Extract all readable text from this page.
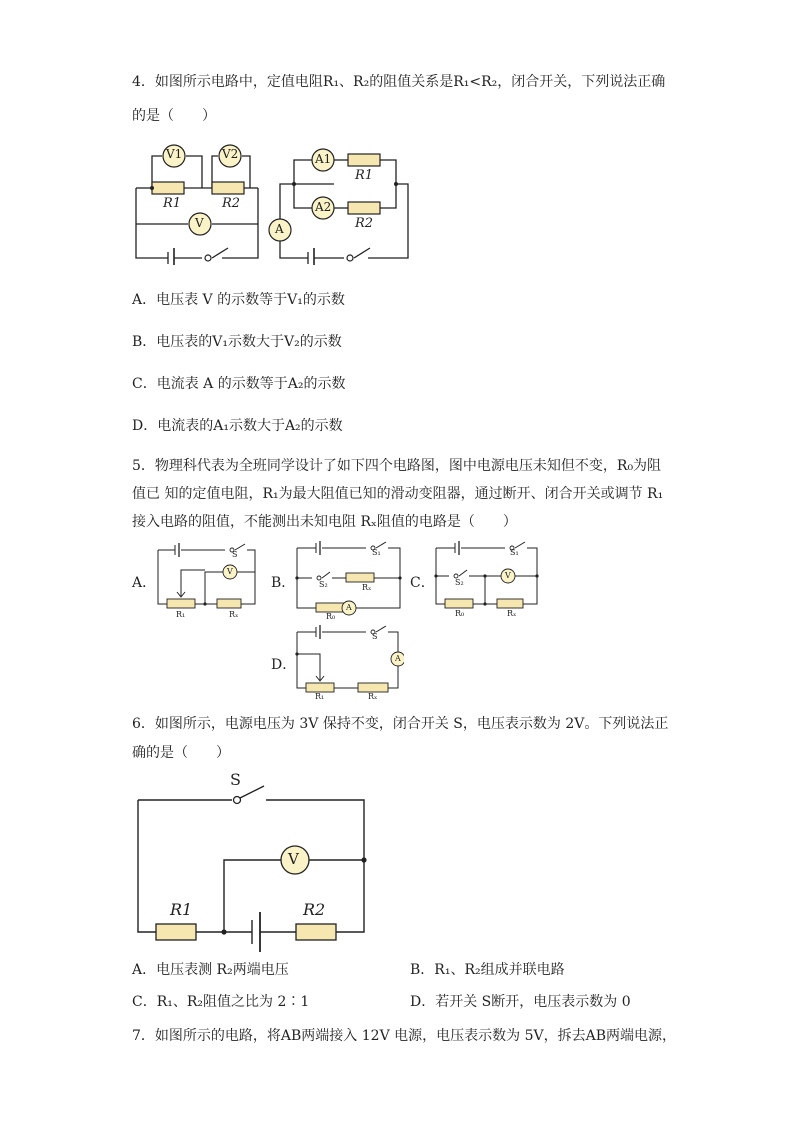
4．如图所示电路中，定值电阻R₁、R₂的阻值关系是R₁<R₂，闭合开关，下列说法正确
的是（　　）
V1	V2
V
R1	R2
A1
A2
A
R1
R2
A．电压表 V 的示数等于V₁的示数
B．电压表的V₁示数大于V₂的示数
C．电流表 A 的示数等于A₂的示数
D．电流表的A₁示数大于A₂的示数
5．物理科代表为全班同学设计了如下四个电路图，图中电源电压未知但不变，R₀为阻
值已 知的定值电阻，R₁为最大阻值已知的滑动变阻器，通过断开、闭合开关或调节 R₁
接入电路的阻值，不能测出未知电阻 Rₓ阻值的电路是（　　）
A．
V
S
R₁	Rₓ
B．
S₁
S₂	Rₓ
R₀
A
C．
S₁
S₂
V
R₀	Rₓ
D．
S
A
R₁	Rₓ
6．如图所示，电源电压为 3V 保持不变，闭合开关 S，电压表示数为 2V。下列说法正
确的是（　　）
S
V
R1	R2
A．电压表测 R₂两端电压	B．R₁、R₂组成并联电路
C．R₁、R₂阻值之比为 2∶1	D．若开关 S断开，电压表示数为 0
7．如图所示的电路，将AB两端接入 12V 电源，电压表示数为 5V，拆去AB两端电源，
